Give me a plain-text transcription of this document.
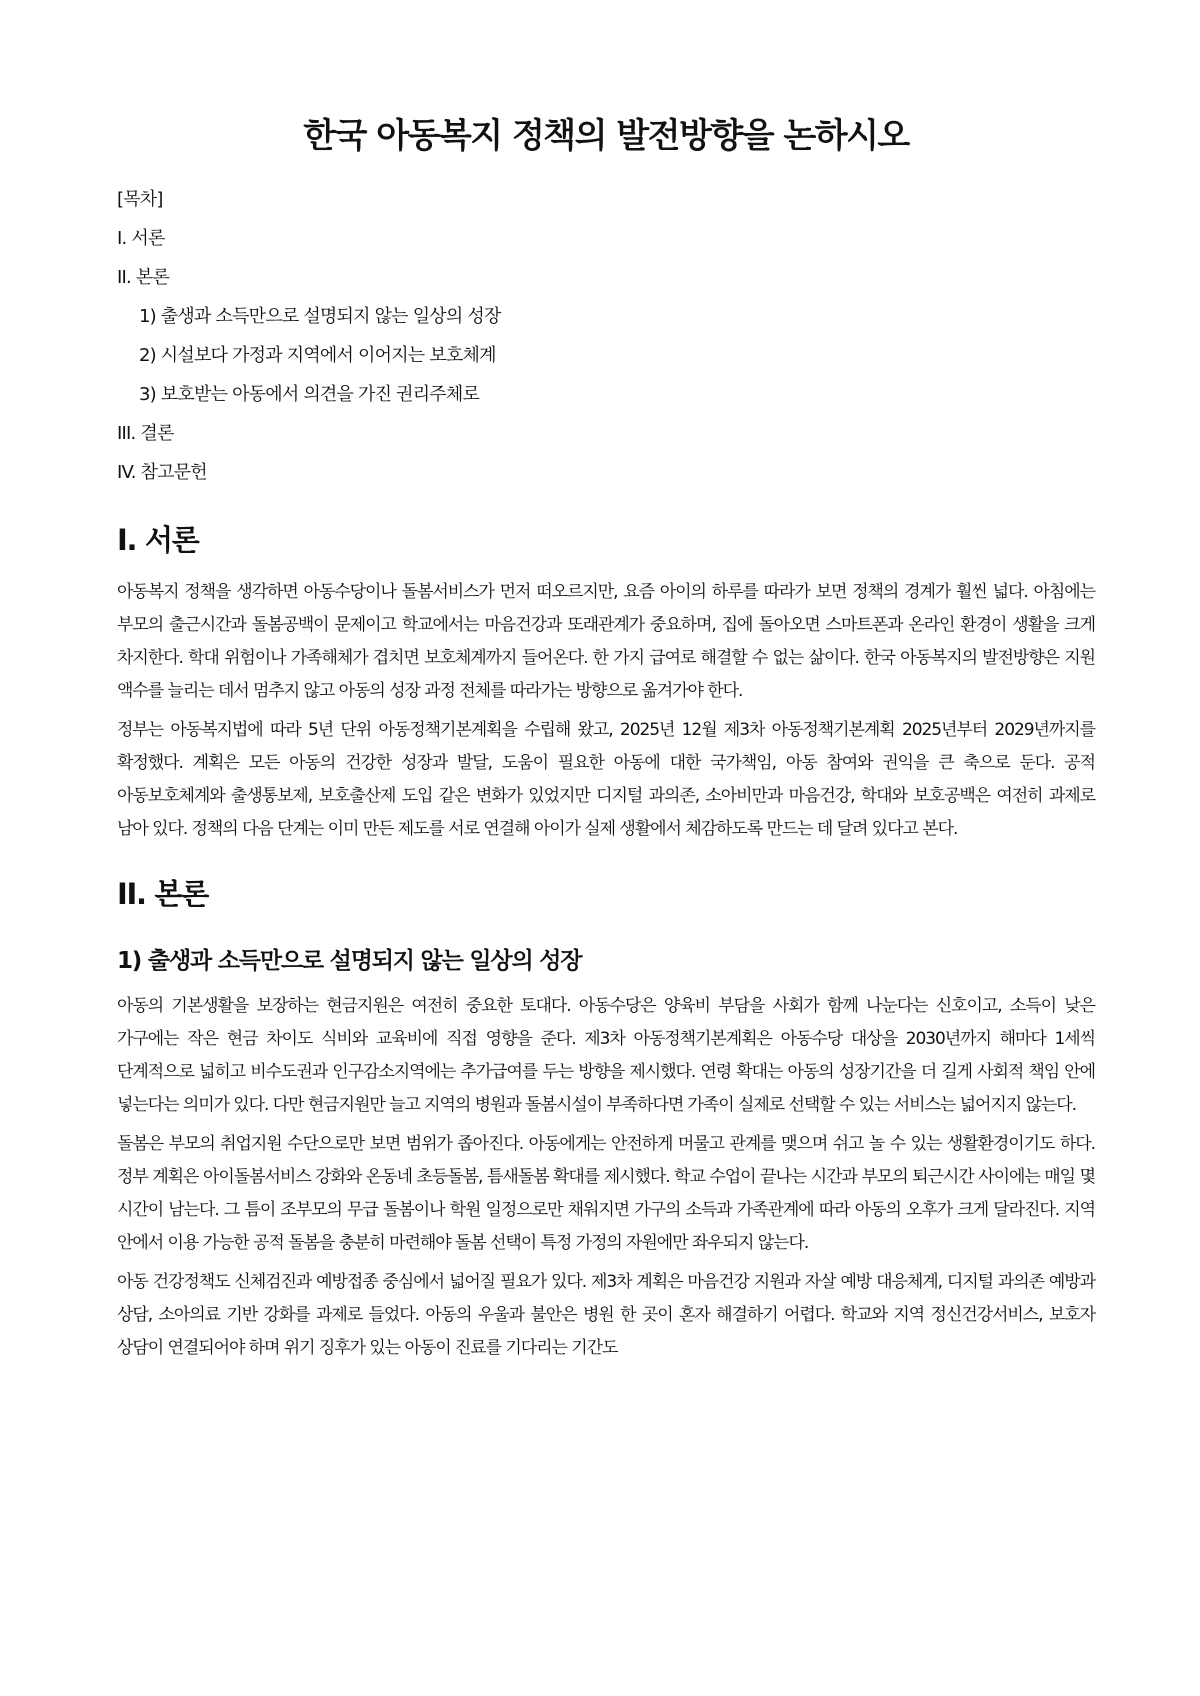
한국 아동복지 정책의 발전방향을 논하시오
[목차]
I. 서론
II. 본론
1) 출생과 소득만으로 설명되지 않는 일상의 성장
2) 시설보다 가정과 지역에서 이어지는 보호체계
3) 보호받는 아동에서 의견을 가진 권리주체로
III. 결론
IV. 참고문헌
I. 서론

아동복지 정책을 생각하면 아동수당이나 돌봄서비스가 먼저 떠오르지만, 요즘 아이의 하루를 따라가 보면 정책의 경계가 훨씬 넓다. 아침에는 부모의 출근시간과 돌봄공백이 문제이고 학교에서는 마음건강과 또래관계가 중요하며, 집에 돌아오면 스마트폰과 온라인 환경이 생활을 크게 차지한다. 학대 위험이나 가족해체가 겹치면 보호체계까지 들어온다. 한 가지 급여로 해결할 수 없는 삶이다. 한국 아동복지의 발전방향은 지원 액수를 늘리는 데서 멈추지 않고 아동의 성장 과정 전체를 따라가는 방향으로 옮겨가야 한다.

정부는 아동복지법에 따라 5년 단위 아동정책기본계획을 수립해 왔고, 2025년 12월 제3차 아동정책기본계획 2025년부터 2029년까지를 확정했다. 계획은 모든 아동의 건강한 성장과 발달, 도움이 필요한 아동에 대한 국가책임, 아동 참여와 권익을 큰 축으로 둔다. 공적 아동보호체계와 출생통보제, 보호출산제 도입 같은 변화가 있었지만 디지털 과의존, 소아비만과 마음건강, 학대와 보호공백은 여전히 과제로 남아 있다. 정책의 다음 단계는 이미 만든 제도를 서로 연결해 아이가 실제 생활에서 체감하도록 만드는 데 달려 있다고 본다.

II. 본론
1) 출생과 소득만으로 설명되지 않는 일상의 성장

아동의 기본생활을 보장하는 현금지원은 여전히 중요한 토대다. 아동수당은 양육비 부담을 사회가 함께 나눈다는 신호이고, 소득이 낮은 가구에는 작은 현금 차이도 식비와 교육비에 직접 영향을 준다. 제3차 아동정책기본계획은 아동수당 대상을 2030년까지 해마다 1세씩 단계적으로 넓히고 비수도권과 인구감소지역에는 추가급여를 두는 방향을 제시했다. 연령 확대는 아동의 성장기간을 더 길게 사회적 책임 안에 넣는다는 의미가 있다. 다만 현금지원만 늘고 지역의 병원과 돌봄시설이 부족하다면 가족이 실제로 선택할 수 있는 서비스는 넓어지지 않는다.

돌봄은 부모의 취업지원 수단으로만 보면 범위가 좁아진다. 아동에게는 안전하게 머물고 관계를 맺으며 쉬고 놀 수 있는 생활환경이기도 하다. 정부 계획은 아이돌봄서비스 강화와 온동네 초등돌봄, 틈새돌봄 확대를 제시했다. 학교 수업이 끝나는 시간과 부모의 퇴근시간 사이에는 매일 몇 시간이 남는다. 그 틈이 조부모의 무급 돌봄이나 학원 일정으로만 채워지면 가구의 소득과 가족관계에 따라 아동의 오후가 크게 달라진다. 지역 안에서 이용 가능한 공적 돌봄을 충분히 마련해야 돌봄 선택이 특정 가정의 자원에만 좌우되지 않는다.

아동 건강정책도 신체검진과 예방접종 중심에서 넓어질 필요가 있다. 제3차 계획은 마음건강 지원과 자살 예방 대응체계, 디지털 과의존 예방과 상담, 소아의료 기반 강화를 과제로 들었다. 아동의 우울과 불안은 병원 한 곳이 혼자 해결하기 어렵다. 학교와 지역 정신건강서비스, 보호자 상담이 연결되어야 하며 위기 징후가 있는 아동이 진료를 기다리는 기간도
